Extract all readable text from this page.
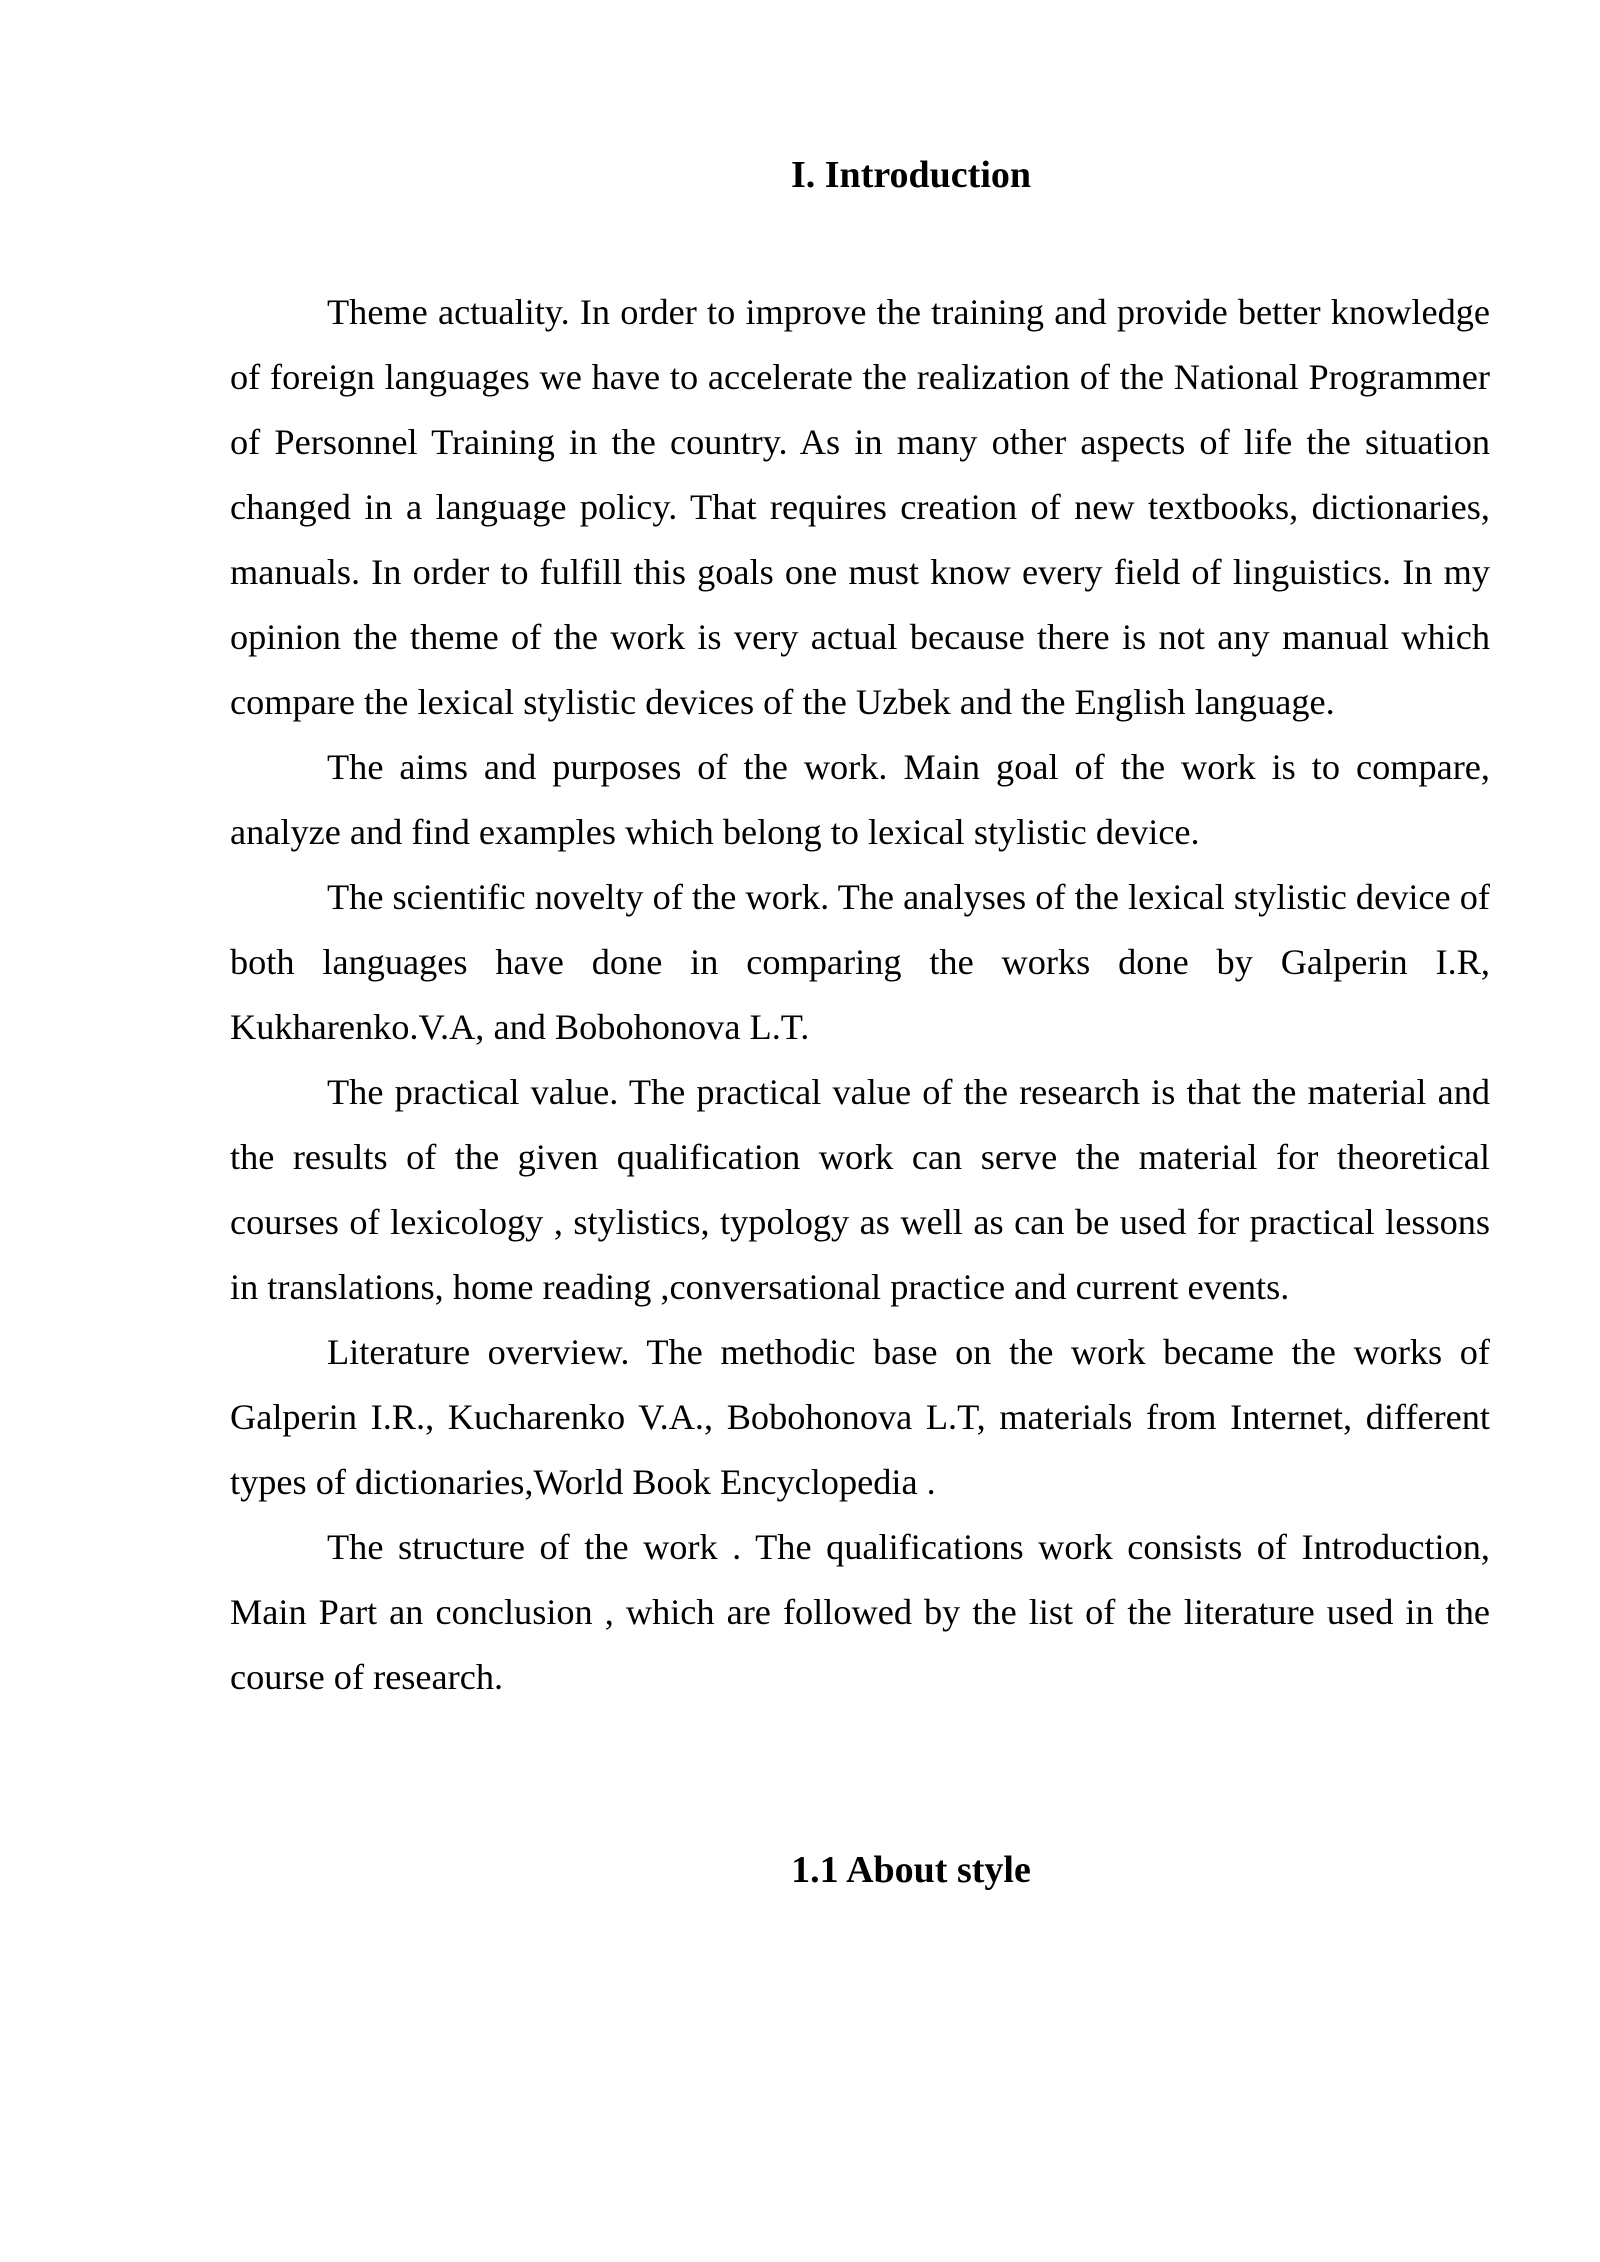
I. Introduction

Theme actuality. In order to improve the training and provide better knowledge of foreign languages we have to accelerate the realization of the National Programmer of Personnel Training in the country. As in many other aspects of life the situation changed in a language policy. That requires creation of new textbooks, dictionaries, manuals. In order to fulfill this goals one must know every field of linguistics. In my opinion the theme of the work is very actual because there is not any manual which compare the lexical stylistic devices of the Uzbek and the English language.

The aims and purposes of the work. Main goal of the work is to compare, analyze and find examples which belong to lexical stylistic device.

The scientific novelty of the work. The analyses of the lexical stylistic device of both languages have done in comparing the works done by Galperin I.R, Kukharenko.V.A, and Bobohonova L.T.

The practical value. The practical value of the research is that the material and the results of the given qualification work can serve the material for theoretical courses of lexicology , stylistics, typology as well as can be used for practical lessons in translations, home reading ,conversational practice and current events.

Literature overview. The methodic base on the work became the works of Galperin I.R., Kucharenko V.A., Bobohonova L.T, materials from Internet, different types of dictionaries,World Book Encyclopedia .

The structure of the work . The qualifications work consists of Introduction, Main Part an conclusion , which are followed by the list of the literature used in the course of research.

1.1 About style
